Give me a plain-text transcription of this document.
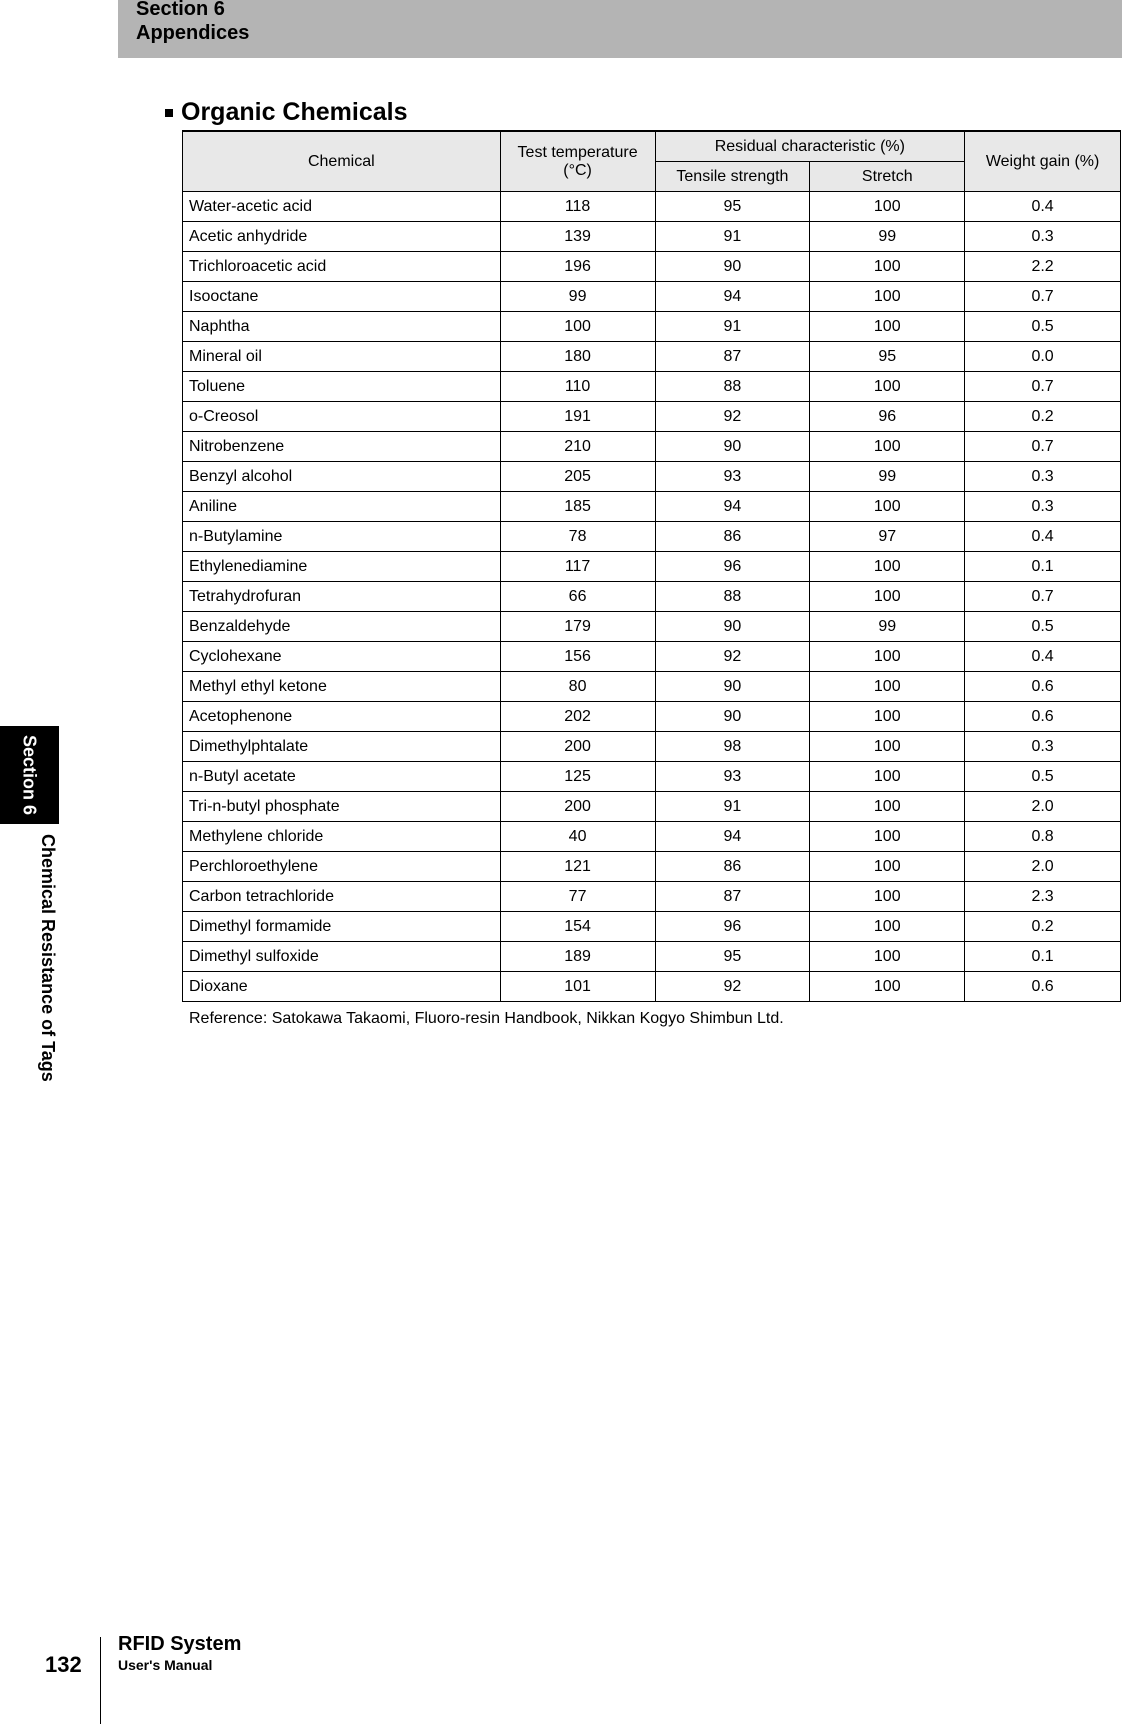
Section 6
Appendices
Section 6
Chemical Resistance of Tags
Organic Chemicals
Chemical	Test temperature (°C)	Residual characteristic (%)		Weight gain (%)
		Tensile strength	Stretch	
Water-acetic acid	118	95	100	0.4
Acetic anhydride	139	91	99	0.3
Trichloroacetic acid	196	90	100	2.2
Isooctane	99	94	100	0.7
Naphtha	100	91	100	0.5
Mineral oil	180	87	95	0.0
Toluene	110	88	100	0.7
o-Creosol	191	92	96	0.2
Nitrobenzene	210	90	100	0.7
Benzyl alcohol	205	93	99	0.3
Aniline	185	94	100	0.3
n-Butylamine	78	86	97	0.4
Ethylenediamine	117	96	100	0.1
Tetrahydrofuran	66	88	100	0.7
Benzaldehyde	179	90	99	0.5
Cyclohexane	156	92	100	0.4
Methyl ethyl ketone	80	90	100	0.6
Acetophenone	202	90	100	0.6
Dimethylphtalate	200	98	100	0.3
n-Butyl acetate	125	93	100	0.5
Tri-n-butyl phosphate	200	91	100	2.0
Methylene chloride	40	94	100	0.8
Perchloroethylene	121	86	100	2.0
Carbon tetrachloride	77	87	100	2.3
Dimethyl formamide	154	96	100	0.2
Dimethyl sulfoxide	189	95	100	0.1
Dioxane	101	92	100	0.6
Reference: Satokawa Takaomi, Fluoro-resin Handbook, Nikkan Kogyo Shimbun Ltd.
132
RFID System
User's Manual
